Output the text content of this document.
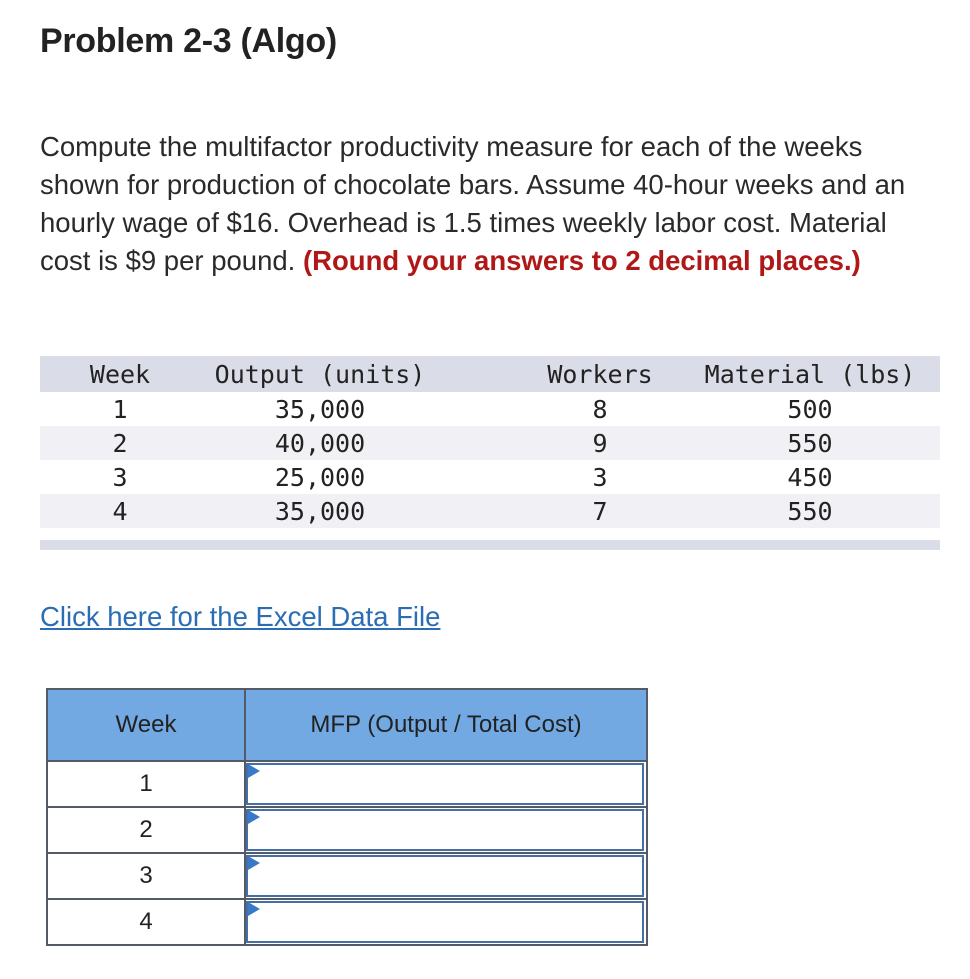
Problem 2-3 (Algo)
Compute the multifactor productivity measure for each of the weeks shown for production of chocolate bars. Assume 40-hour weeks and an hourly wage of $16. Overhead is 1.5 times weekly labor cost. Material cost is $9 per pound. (Round your answers to 2 decimal places.)
Week	Output (units)		Workers	Material (lbs)
1	35,000		8	500
2	40,000		9	550
3	25,000		3	450
4	35,000		7	550
Click here for the Excel Data File
Week	MFP (Output / Total Cost)
1	

2	

3	

4	
